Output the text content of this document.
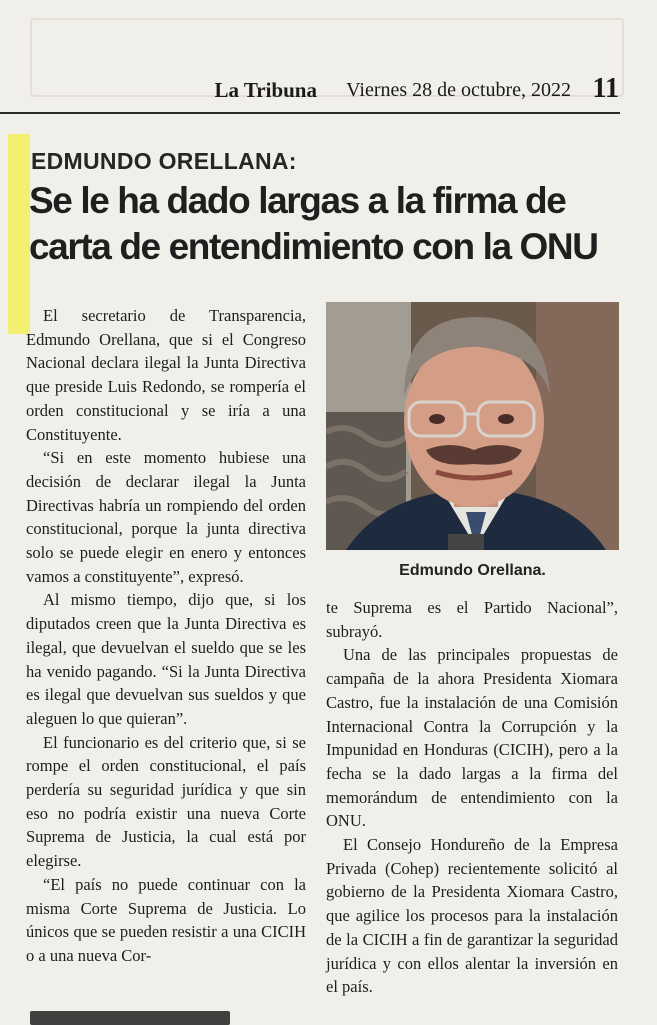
La Tribuna Viernes 28 de octubre, 2022 11
EDMUNDO ORELLANA:
Se le ha dado largas a la firma de carta de entendimiento con la ONU

El secretario de Transparencia, Edmundo Orellana, que si el Congreso Nacional declara ilegal la Junta Directiva que preside Luis Redondo, se rompería el orden constitucional y se iría a una Constituyente.

“Si en este momento hubiese una decisión de declarar ilegal la Junta Directivas habría un rompiendo del orden constitucional, porque la junta directiva solo se puede elegir en enero y entonces vamos a constituyente”, expresó.

Al mismo tiempo, dijo que, si los diputados creen que la Junta Directiva es ilegal, que devuelvan el sueldo que se les ha venido pagando. “Si la Junta Directiva es ilegal que devuelvan sus sueldos y que aleguen lo que quieran”.

El funcionario es del criterio que, si se rompe el orden constitucional, el país perdería su seguridad jurídica y que sin eso no podría existir una nueva Corte Suprema de Justicia, la cual está por elegirse.

“El país no puede continuar con la misma Corte Suprema de Justicia. Lo únicos que se pueden resistir a una CICIH o a una nueva Cor-

Edmundo Orellana.

te Suprema es el Partido Nacional”, subrayó.

Una de las principales propuestas de campaña de la ahora Presidenta Xiomara Castro, fue la instalación de una Comisión Internacional Contra la Corrupción y la Impunidad en Honduras (CICIH), pero a la fecha se la dado largas a la firma del memorándum de entendimiento con la ONU.

El Consejo Hondureño de la Empresa Privada (Cohep) recientemente solicitó al gobierno de la Presidenta Xiomara Castro, que agilice los procesos para la instalación de la CICIH a fin de garantizar la seguridad jurídica y con ellos alentar la inversión en el país.
